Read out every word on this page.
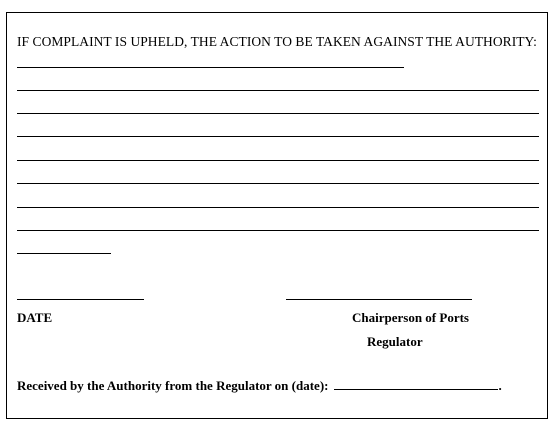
IF COMPLAINT IS UPHELD, THE ACTION TO BE TAKEN AGAINST THE AUTHORITY:
DATE	Chairperson of Ports
Regulator
Received by the Authority from the Regulator on (date):	.
